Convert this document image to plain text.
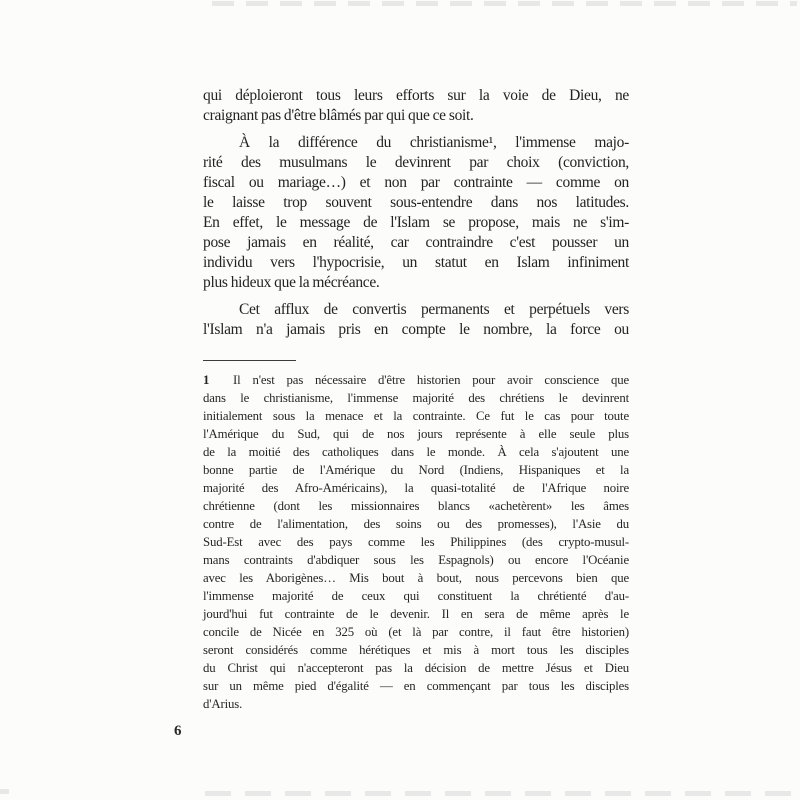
qui déploieront tous leurs efforts sur la voie de Dieu, ne
craignant pas d'être blâmés par qui que ce soit.
À la différence du christianisme¹, l'immense majo-
rité des musulmans le devinrent par choix (conviction,
fiscal ou mariage…) et non par contrainte — comme on
le laisse trop souvent sous-entendre dans nos latitudes.
En effet, le message de l'Islam se propose, mais ne s'im-
pose jamais en réalité, car contraindre c'est pousser un
individu vers l'hypocrisie, un statut en Islam infiniment
plus hideux que la mécréance.
Cet afflux de convertis permanents et perpétuels vers
l'Islam n'a jamais pris en compte le nombre, la force ou
1  Il n'est pas nécessaire d'être historien pour avoir conscience que
dans le christianisme, l'immense majorité des chrétiens le devinrent
initialement sous la menace et la contrainte. Ce fut le cas pour toute
l'Amérique du Sud, qui de nos jours représente à elle seule plus
de la moitié des catholiques dans le monde. À cela s'ajoutent une
bonne partie de l'Amérique du Nord (Indiens, Hispaniques et la
majorité des Afro-Américains), la quasi-totalité de l'Afrique noire
chrétienne (dont les missionnaires blancs «achetèrent» les âmes
contre de l'alimentation, des soins ou des promesses), l'Asie du
Sud-Est avec des pays comme les Philippines (des crypto-musul-
mans contraints d'abdiquer sous les Espagnols) ou encore l'Océanie
avec les Aborigènes… Mis bout à bout, nous percevons bien que
l'immense majorité de ceux qui constituent la chrétienté d'au-
jourd'hui fut contrainte de le devenir. Il en sera de même après le
concile de Nicée en 325 où (et là par contre, il faut être historien)
seront considérés comme hérétiques et mis à mort tous les disciples
du Christ qui n'accepteront pas la décision de mettre Jésus et Dieu
sur un même pied d'égalité — en commençant par tous les disciples
d'Arius.
6
